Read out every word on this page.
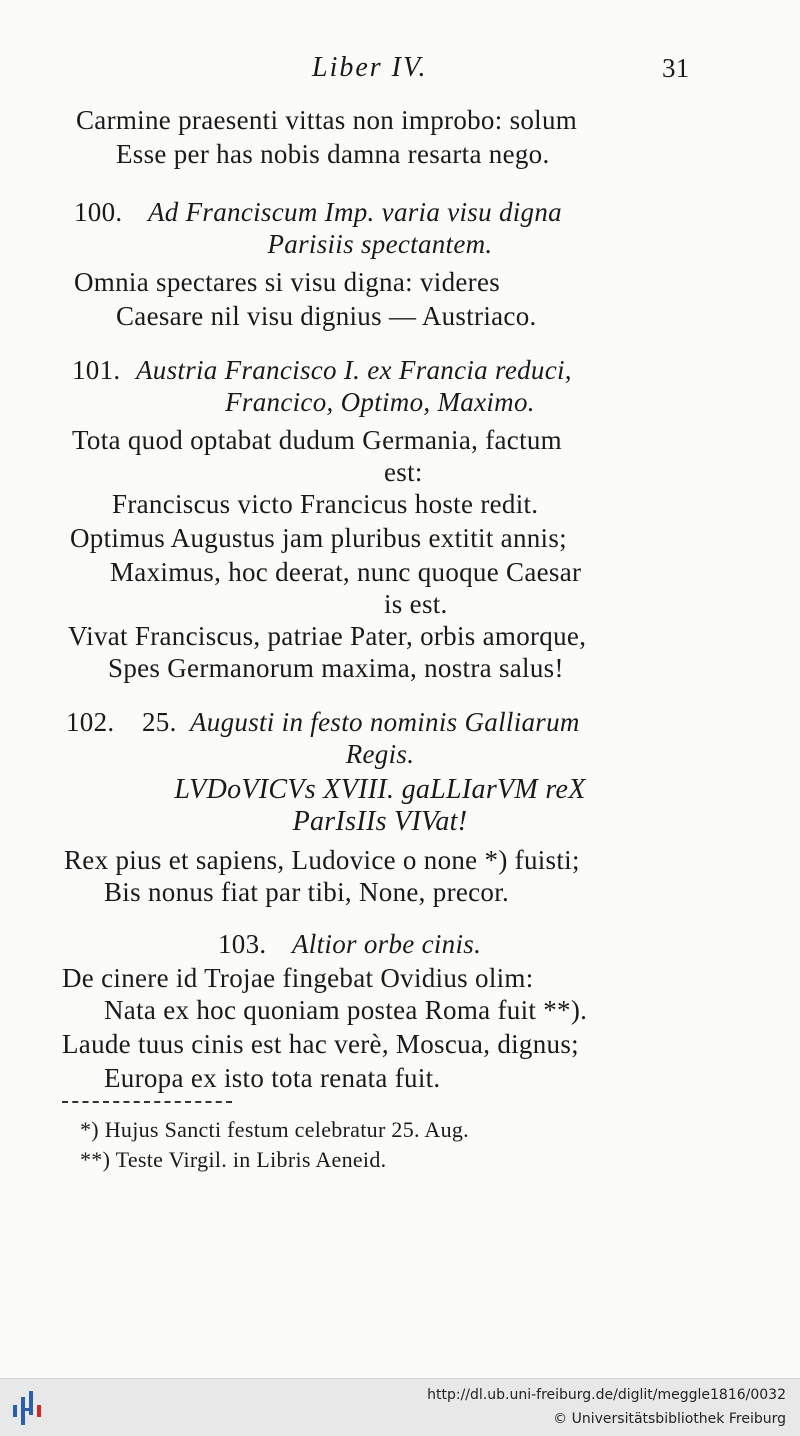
Liber IV.	31
Carmine praesenti vittas non improbo: solum
Esse per has nobis damna resarta nego.
100. Ad Franciscum Imp. varia visu digna
Parisiis spectantem.
Omnia spectares si visu digna: videres
Caesare nil visu dignius — Austriaco.
101. Austria Francisco I. ex Francia reduci,
Francico, Optimo, Maximo.
Tota quod optabat dudum Germania, factum
est:
Franciscus victo Francicus hoste redit.
Optimus Augustus jam pluribus extitit annis;
Maximus, hoc deerat, nunc quoque Caesar
is est.
Vivat Franciscus, patriae Pater, orbis amorque,
Spes Germanorum maxima, nostra salus!
102. 25. Augusti in festo nominis Galliarum
Regis.
LVDoVICVs XVIII. gaLLIarVM reX
ParIsIIs VIVat!
Rex pius et sapiens, Ludovice o none *) fuisti;
Bis nonus fiat par tibi, None, precor.
103. Altior orbe cinis.
De cinere id Trojae fingebat Ovidius olim:
Nata ex hoc quoniam postea Roma fuit **).
Laude tuus cinis est hac verè, Moscua, dignus;
Europa ex isto tota renata fuit.
*) Hujus Sancti festum celebratur 25. Aug.
**) Teste Virgil. in Libris Aeneid.
http://dl.ub.uni-freiburg.de/diglit/meggle1816/0032
© Universitätsbibliothek Freiburg
